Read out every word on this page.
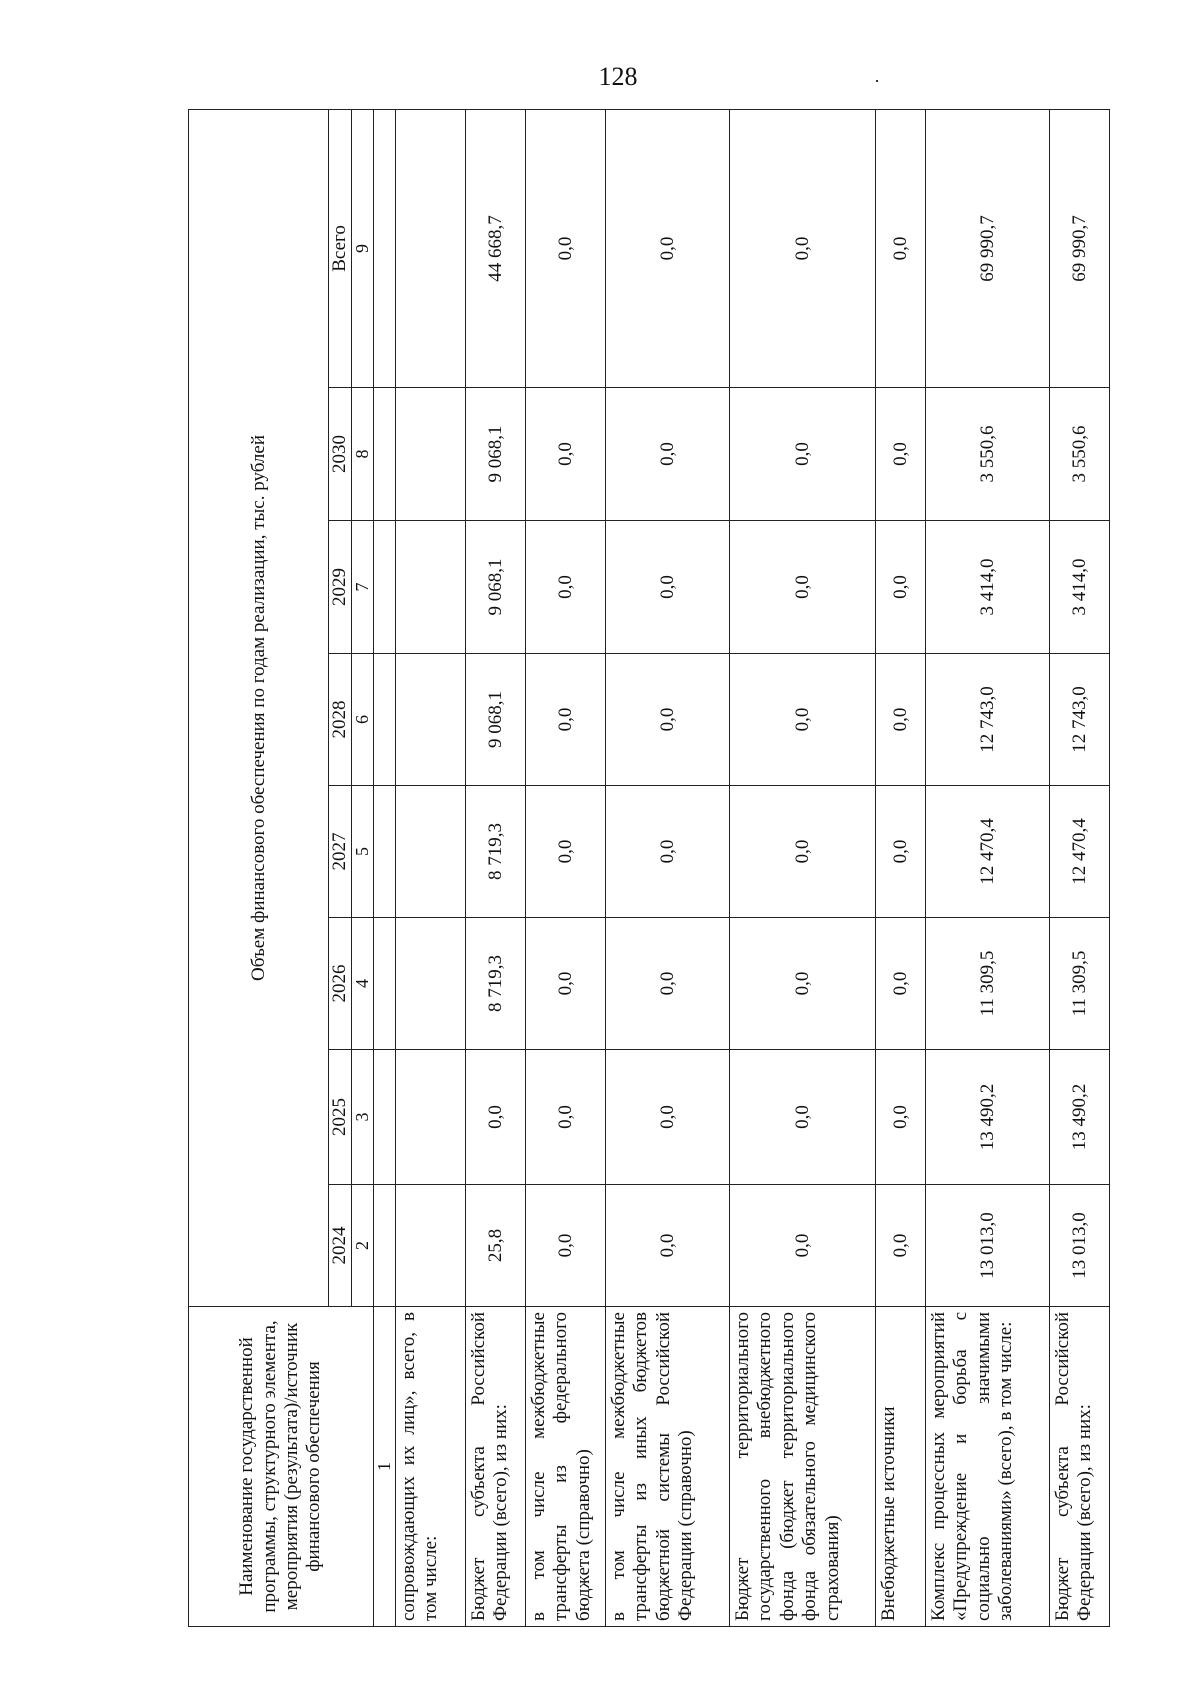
128
Наименование государственной программы, структурного элемента, мероприятия (результата)/источник финансового обеспечения	Объем финансового обеспечения по годам реализации, тыс. рублей							
	2024	2025	2026	2027	2028	2029	2030	Всего
	2	3	4	5	6	7	8	9
1								
сопровождающих их лиц», всего, в том числе:								
Бюджет субъекта Российской Федерации (всего), из них:	25,8	0,0	8 719,3	8 719,3	9 068,1	9 068,1	9 068,1	44 668,7
в том числе межбюджетные трансферты из федерального бюджета (справочно)	0,0	0,0	0,0	0,0	0,0	0,0	0,0	0,0
в том числе межбюджетные трансферты из иных бюджетов бюджетной системы Российской Федерации (справочно)	0,0	0,0	0,0	0,0	0,0	0,0	0,0	0,0
Бюджет территориального государственного внебюджетного фонда (бюджет территориального фонда обязательного медицинского страхования)	0,0	0,0	0,0	0,0	0,0	0,0	0,0	0,0
Внебюджетные источники	0,0	0,0	0,0	0,0	0,0	0,0	0,0	0,0
Комплекс процессных мероприятий «Предупреждение и борьба с социально значимыми заболеваниями» (всего), в том числе:	13 013,0	13 490,2	11 309,5	12 470,4	12 743,0	3 414,0	3 550,6	69 990,7
Бюджет субъекта Российской Федерации (всего), из них:	13 013,0	13 490,2	11 309,5	12 470,4	12 743,0	3 414,0	3 550,6	69 990,7
